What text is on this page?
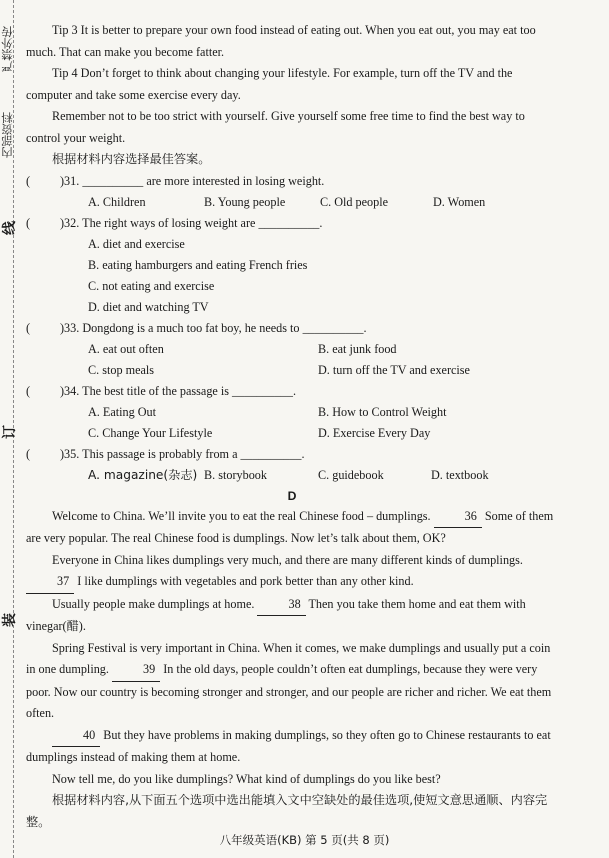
严禁外传
内部资料
线
订
装

Tip 3 It is better to prepare your own food instead of eating out. When you eat out, you may eat too much. That can make you become fatter.

Tip 4 Don’t forget to think about changing your lifestyle. For example, turn off the TV and the computer and take some exercise every day.

Remember not to be too strict with yourself. Give yourself some free time to find the best way to control your weight.

根据材料内容选择最佳答案。

( )31. __________ are more interested in losing weight.
A. Children	B. Young people	C. Old people	D. Women
( )32. The right ways of losing weight are __________.
A. diet and exercise
B. eating hamburgers and eating French fries
C. not eating and exercise
D. diet and watching TV
( )33. Dongdong is a much too fat boy, he needs to __________.
A. eat out often	B. eat junk food
C. stop meals	D. turn off the TV and exercise
( )34. The best title of the passage is __________.
A. Eating Out	B. How to Control Weight
C. Change Your Lifestyle	D. Exercise Every Day
( )35. This passage is probably from a __________.
A. magazine(杂志) B. storybook	C. guidebook	D. textbook
D

Welcome to China. We’ll invite you to eat the real Chinese food – dumplings.	36 Some of them are very popular. The real Chinese food is dumplings. Now let’s talk about them, OK?

Everyone in China likes dumplings very much, and there are many different kinds of dumplings. 37 I like dumplings with vegetables and pork better than any other kind.

Usually people make dumplings at home.	38 Then you take them home and eat them with vinegar(醋).

Spring Festival is very important in China. When it comes, we make dumplings and usually put a coin in one dumpling.	39 In the old days, people couldn’t often eat dumplings, because they were very poor. Now our country is becoming stronger and stronger, and our people are richer and richer. We eat them often.

40 But they have problems in making dumplings, so they often go to Chinese restaurants to eat dumplings instead of making them at home.

Now tell me, do you like dumplings? What kind of dumplings do you like best?

根据材料内容,从下面五个选项中选出能填入文中空缺处的最佳选项,使短文意思通顺、内容完整。

八年级英语(KB) 第 5 页(共 8 页)
